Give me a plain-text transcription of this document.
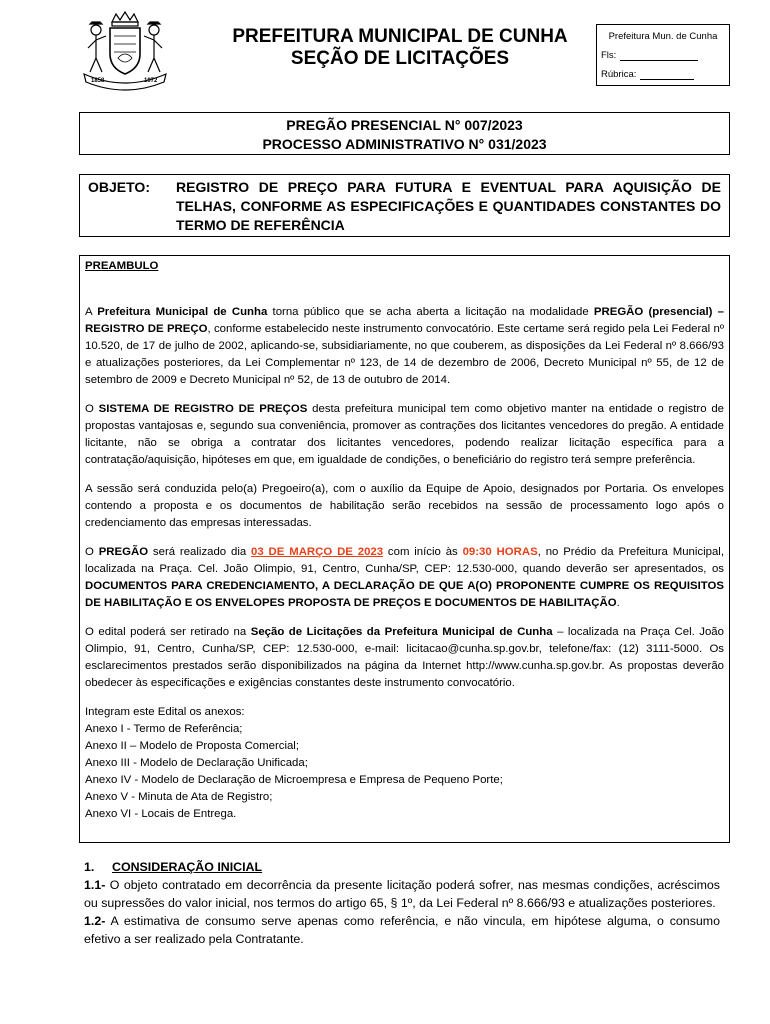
1858	1972
PREFEITURA MUNICIPAL DE CUNHA
SEÇÃO DE LICITAÇÕES
Prefeitura Mun. de Cunha
Fls:
Rúbrica:
PREGÃO PRESENCIAL N° 007/2023
PROCESSO ADMINISTRATIVO N° 031/2023
OBJETO:	REGISTRO DE PREÇO PARA FUTURA E EVENTUAL PARA AQUISIÇÃO DE TELHAS, CONFORME AS ESPECIFICAÇÕES E QUANTIDADES CONSTANTES DO TERMO DE REFERÊNCIA

PREAMBULO

A Prefeitura Municipal de Cunha torna público que se acha aberta a licitação na modalidade PREGÃO (presencial) – REGISTRO DE PREÇO, conforme estabelecido neste instrumento convocatório. Este certame será regido pela Lei Federal nº 10.520, de 17 de julho de 2002, aplicando-se, subsidiariamente, no que couberem, as disposições da Lei Federal nº 8.666/93 e atualizações posteriores, da Lei Complementar nº 123, de 14 de dezembro de 2006, Decreto Municipal nº 55, de 12 de setembro de 2009 e Decreto Municipal nº 52, de 13 de outubro de 2014.

O SISTEMA DE REGISTRO DE PREÇOS desta prefeitura municipal tem como objetivo manter na entidade o registro de propostas vantajosas e, segundo sua conveniência, promover as contrações dos licitantes vencedores do pregão. A entidade licitante, não se obriga a contratar dos licitantes vencedores, podendo realizar licitação específica para a contratação/aquisição, hipóteses em que, em igualdade de condições, o beneficiário do registro terá sempre preferência.

A sessão será conduzida pelo(a) Pregoeiro(a), com o auxílio da Equipe de Apoio, designados por Portaria. Os envelopes contendo a proposta e os documentos de habilitação serão recebidos na sessão de processamento logo após o credenciamento das empresas interessadas.

O PREGÃO será realizado dia 03 DE MARÇO DE 2023 com início às 09:30 HORAS, no Prédio da Prefeitura Municipal, localizada na Praça. Cel. João Olimpio, 91, Centro, Cunha/SP, CEP: 12.530-000, quando deverão ser apresentados, os DOCUMENTOS PARA CREDENCIAMENTO, A DECLARAÇÃO DE QUE A(O) PROPONENTE CUMPRE OS REQUISITOS DE HABILITAÇÃO E OS ENVELOPES PROPOSTA DE PREÇOS E DOCUMENTOS DE HABILITAÇÃO.

O edital poderá ser retirado na Seção de Licitações da Prefeitura Municipal de Cunha – localizada na Praça Cel. João Olimpio, 91, Centro, Cunha/SP, CEP: 12.530-000, e-mail: licitacao@cunha.sp.gov.br, telefone/fax: (12) 3111-5000. Os esclarecimentos prestados serão disponibilizados na página da Internet http://www.cunha.sp.gov.br. As propostas deverão obedecer às especificações e exigências constantes deste instrumento convocatório.

Integram este Edital os anexos:

Anexo I - Termo de Referência;

Anexo II – Modelo de Proposta Comercial;

Anexo III - Modelo de Declaração Unificada;

Anexo IV - Modelo de Declaração de Microempresa e Empresa de Pequeno Porte;

Anexo V - Minuta de Ata de Registro;

Anexo VI - Locais de Entrega.

1. CONSIDERAÇÃO INICIAL

1.1- O objeto contratado em decorrência da presente licitação poderá sofrer, nas mesmas condições, acréscimos ou supressões do valor inicial, nos termos do artigo 65, § 1º, da Lei Federal nº 8.666/93 e atualizações posteriores.

1.2- A estimativa de consumo serve apenas como referência, e não vincula, em hipótese alguma, o consumo efetivo a ser realizado pela Contratante.
